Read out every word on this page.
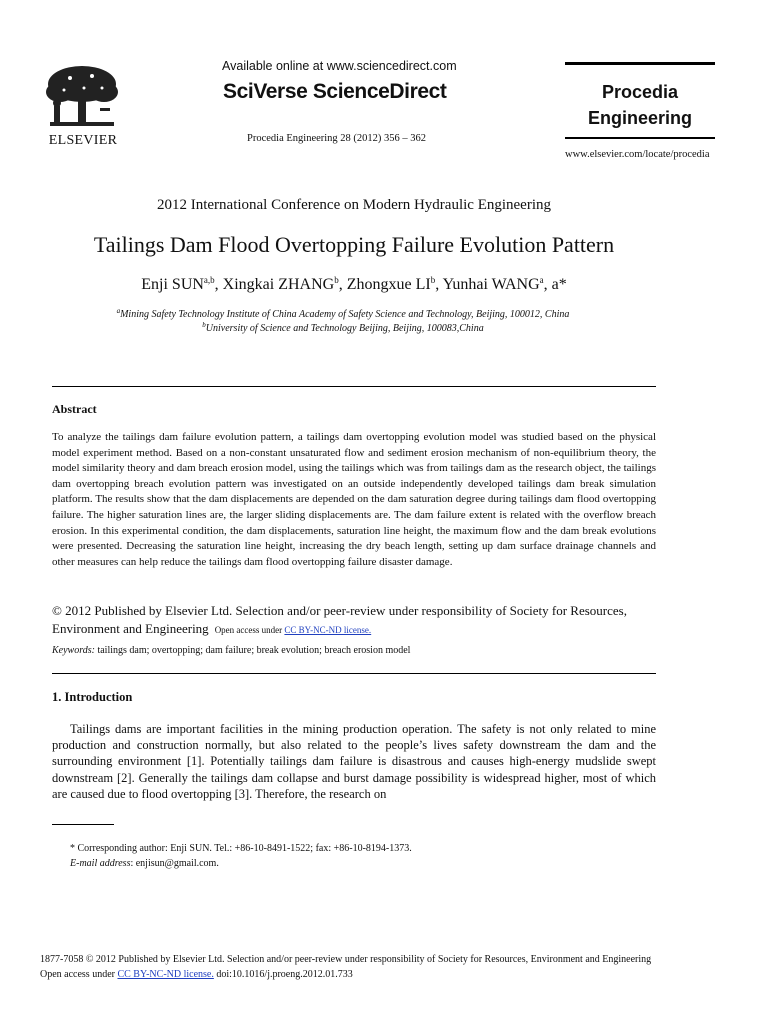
ELSEVIER
Available online at www.sciencedirect.com
SciVerse ScienceDirect
Procedia Engineering 28 (2012) 356 – 362
Procedia
Engineering
www.elsevier.com/locate/procedia
2012 International Conference on Modern Hydraulic Engineering
Tailings Dam Flood Overtopping Failure Evolution Pattern
Enji SUN$^{a,b}$, Xingkai ZHANG$^b$, Zhongxue $LI^b$, Yunhai WANG$^a$, a*
$^a$Mining Safety Technology Institute of China Academy of Safety Science and Technology, Beijing, 100012, China
$^b$University of Science and Technology Beijing, Beijing, 100083,China
Abstract
To analyze the tailings dam failure evolution pattern, a tailings dam overtopping evolution model was studied based on the physical model experiment method. Based on a non-constant unsaturated flow and sediment erosion mechanism of non-equilibrium theory, the model similarity theory and dam breach erosion model, using the tailings which was from tailings dam as the research object, the tailings dam overtopping breach evolution pattern was investigated on an outside independently developed tailings dam break simulation platform. The results show that the dam displacements are depended on the dam saturation degree during tailings dam flood overtopping failure. The higher saturation lines are, the larger sliding displacements are. The dam failure extent is related with the overflow breach erosion. In this experimental condition, the dam displacements, saturation line height, the maximum flow and the dam break evolutions were presented. Decreasing the saturation line height, increasing the dry beach length, setting up dam surface drainage channels and other measures can help reduce the tailings dam flood overtopping failure disaster damage.
© 2012 Published by Elsevier Ltd. Selection and/or peer-review under responsibility of Society for Resources, Environment and Engineering Open access under CC BY-NC-ND license.
Keywords: tailings dam; overtopping; dam failure; break evolution; breach erosion model
1. Introduction
Tailings dams are important facilities in the mining production operation. The safety is not only related to mine production and construction normally, but also related to the people’s lives safety downstream the dam and the surrounding environment [1]. Potentially tailings dam failure is disastrous and causes high-energy mudslide swept downstream [2]. Generally the tailings dam collapse and burst damage possibility is widespread higher, most of which are caused due to flood overtopping [3]. Therefore, the research on
* Corresponding author: Enji SUN. Tel.: +86-10-8491-1522; fax: +86-10-8194-1373.
E-mail address: enjisun@gmail.com.
1877-7058 © 2012 Published by Elsevier Ltd. Selection and/or peer-review under responsibility of Society for Resources, Environment and Engineering
Open access under CC BY-NC-ND license. doi:10.1016/j.proeng.2012.01.733
